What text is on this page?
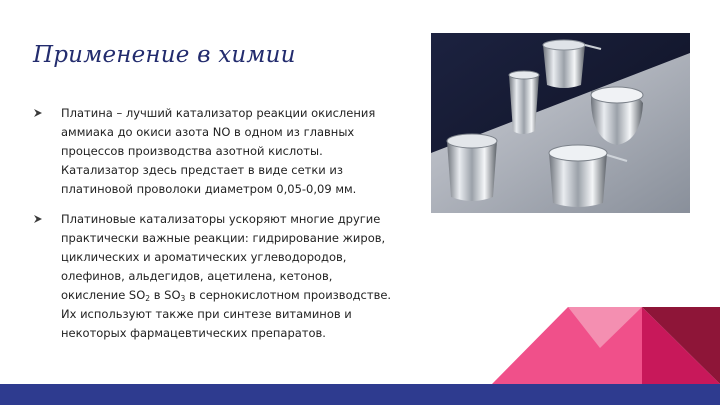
Применение в химии
Платина – лучший катализатор реакции окисления
аммиака до окиси азота NO в одном из главных
процессов производства азотной кислоты.
Катализатор здесь предстает в виде сетки из
платиновой проволоки диаметром 0,05-0,09 мм.
Платиновые катализаторы ускоряют многие другие
практически важные реакции: гидрирование жиров,
циклических и ароматических углеводородов,
олефинов, альдегидов, ацетилена, кетонов,
окисление $SO_2$ в $SO_3$ в сернокислотном производстве.
Их используют также при синтезе витаминов и
некоторых фармацевтических препаратов.
